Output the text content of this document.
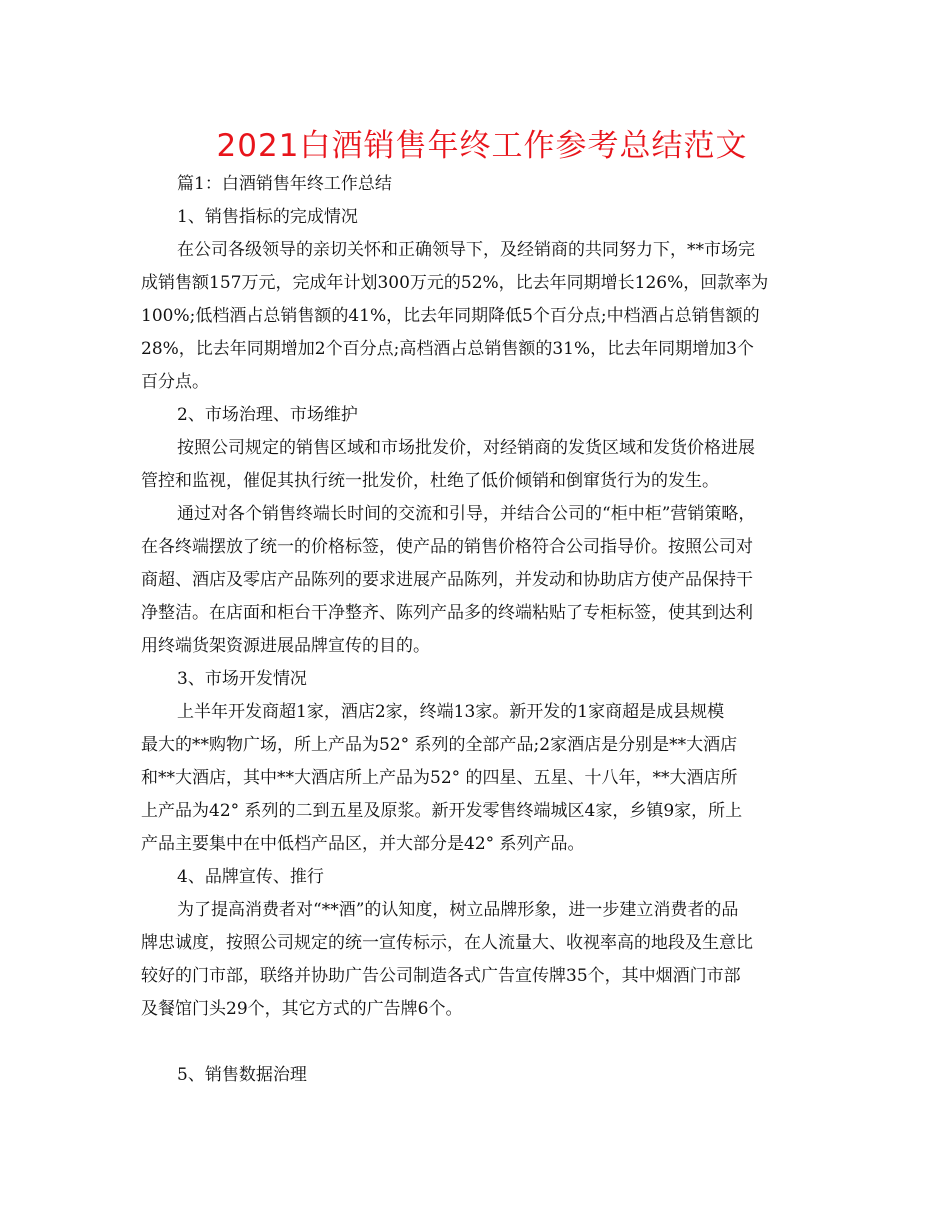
2021白酒销售年终工作参考总结范文

篇1：白酒销售年终工作总结

1、销售指标的完成情况

在公司各级领导的亲切关怀和正确领导下，及经销商的共同努力下，**市场完

成销售额157万元，完成年计划300万元的52%，比去年同期增长126%，回款率为

100%;低档酒占总销售额的41%，比去年同期降低5个百分点;中档酒占总销售额的

28%，比去年同期增加2个百分点;高档酒占总销售额的31%，比去年同期增加3个

百分点。

2、市场治理、市场维护

按照公司规定的销售区域和市场批发价，对经销商的发货区域和发货价格进展

管控和监视，催促其执行统一批发价，杜绝了低价倾销和倒窜货行为的发生。

通过对各个销售终端长时间的交流和引导，并结合公司的“柜中柜”营销策略，

在各终端摆放了统一的价格标签，使产品的销售价格符合公司指导价。按照公司对

商超、酒店及零店产品陈列的要求进展产品陈列，并发动和协助店方使产品保持干

净整洁。在店面和柜台干净整齐、陈列产品多的终端粘贴了专柜标签，使其到达利

用终端货架资源进展品牌宣传的目的。

3、市场开发情况

上半年开发商超1家，酒店2家，终端13家。新开发的1家商超是成县规模

最大的**购物广场，所上产品为52° 系列的全部产品;2家酒店是分别是**大酒店

和**大酒店，其中**大酒店所上产品为52° 的四星、五星、十八年，**大酒店所

上产品为42° 系列的二到五星及原浆。新开发零售终端城区4家，乡镇9家，所上

产品主要集中在中低档产品区，并大部分是42° 系列产品。

4、品牌宣传、推行

为了提高消费者对“**酒”的认知度，树立品牌形象，进一步建立消费者的品

牌忠诚度，按照公司规定的统一宣传标示，在人流量大、收视率高的地段及生意比

较好的门市部，联络并协助广告公司制造各式广告宣传牌35个，其中烟酒门市部

及餐馆门头29个，其它方式的广告牌6个。

5、销售数据治理
